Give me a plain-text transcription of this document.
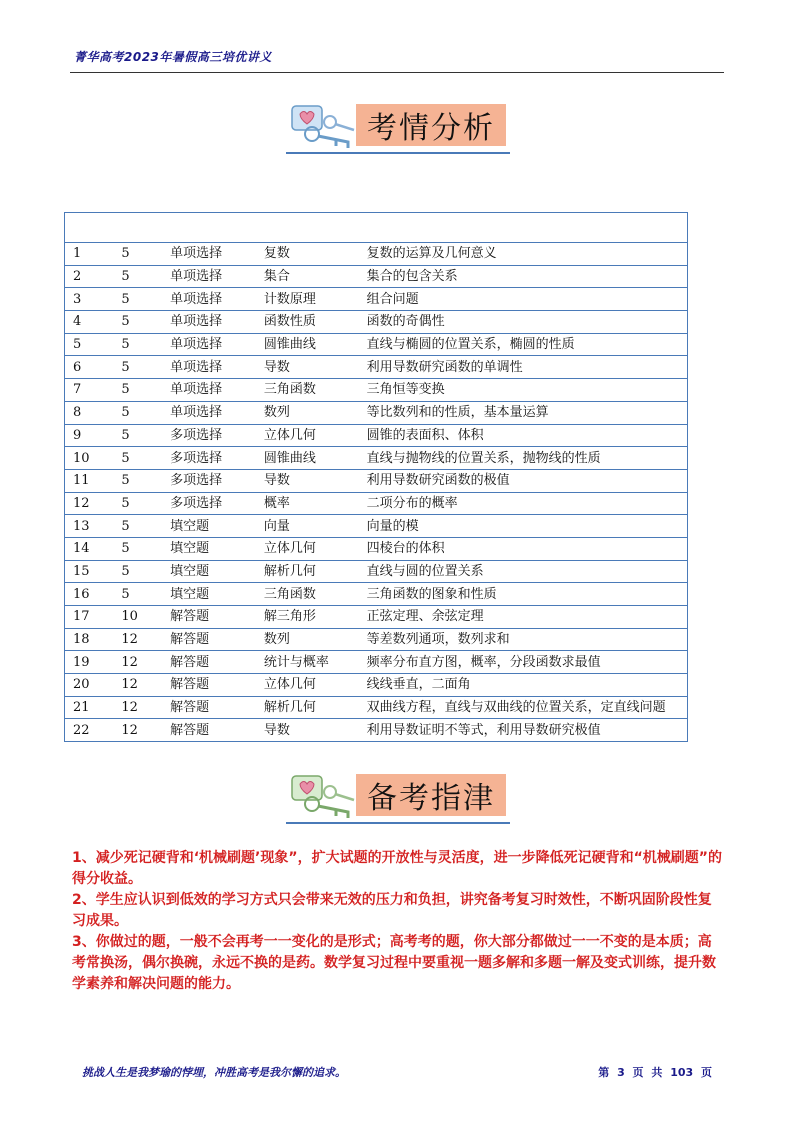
菁华高考2023年暑假高三培优讲义
考情分析

1	5	单项选择	复数	复数的运算及几何意义
2	5	单项选择	集合	集合的包含关系
3	5	单项选择	计数原理	组合问题
4	5	单项选择	函数性质	函数的奇偶性
5	5	单项选择	圆锥曲线	直线与椭圆的位置关系，椭圆的性质
6	5	单项选择	导数	利用导数研究函数的单调性
7	5	单项选择	三角函数	三角恒等变换
8	5	单项选择	数列	等比数列和的性质，基本量运算
9	5	多项选择	立体几何	圆锥的表面积、体积
10	5	多项选择	圆锥曲线	直线与抛物线的位置关系，抛物线的性质
11	5	多项选择	导数	利用导数研究函数的极值
12	5	多项选择	概率	二项分布的概率
13	5	填空题	向量	向量的模
14	5	填空题	立体几何	四棱台的体积
15	5	填空题	解析几何	直线与圆的位置关系
16	5	填空题	三角函数	三角函数的图象和性质
17	10	解答题	解三角形	正弦定理、余弦定理
18	12	解答题	数列	等差数列通项，数列求和
19	12	解答题	统计与概率	频率分布直方图，概率，分段函数求最值
20	12	解答题	立体几何	线线垂直，二面角
21	12	解答题	解析几何	双曲线方程，直线与双曲线的位置关系，定直线问题
22	12	解答题	导数	利用导数证明不等式，利用导数研究极值
备考指津

1、减少死记硬背和‘机械刷题’现象”，扩大试题的开放性与灵活度，进一步降低死记硬背和“机械刷题”的得分收益。

2、学生应认识到低效的学习方式只会带来无效的压力和负担，讲究备考复习时效性，不断巩固阶段性复习成果。

3、你做过的题，一般不会再考一一变化的是形式；高考考的题，你大部分都做过一一不变的是本质；高考常换汤，偶尔换碗，永远不换的是药。数学复习过程中要重视一题多解和多题一解及变式训练，提升数学素养和解决问题的能力。

挑战人生是我梦瑜的悖埋，冲胜高考是我尔懈的追求。	第 3 页 共 103 页
